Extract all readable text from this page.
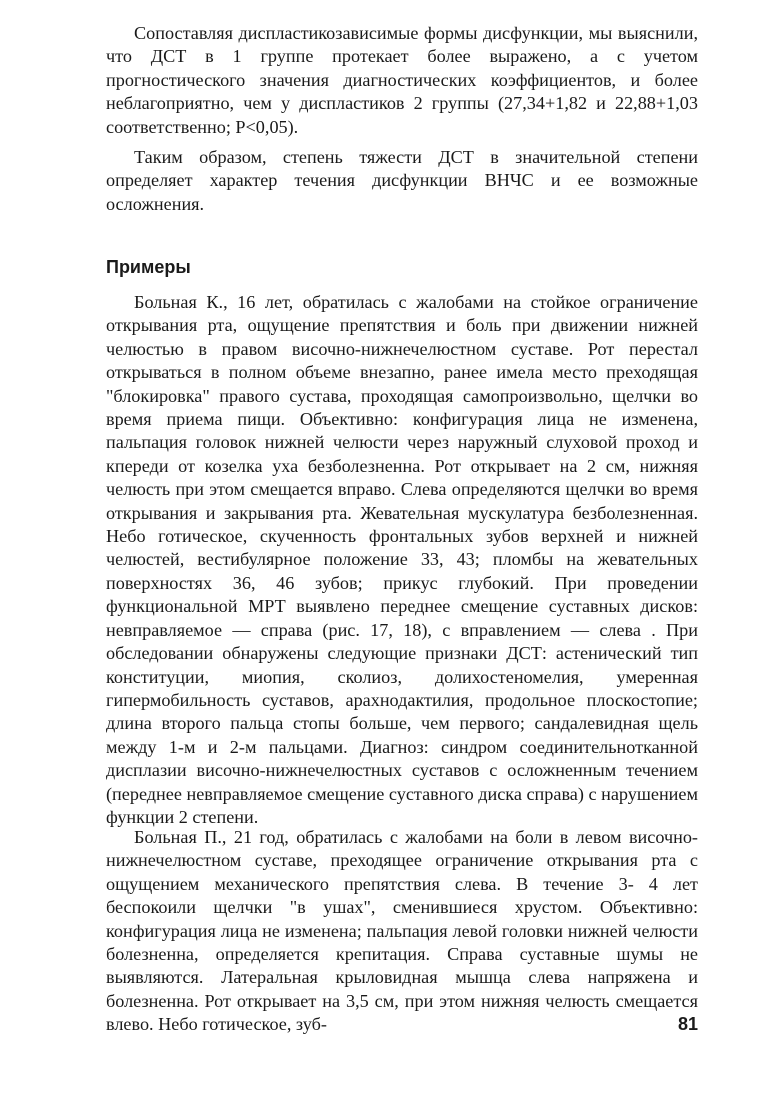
Сопоставляя диспластикозависимые формы дисфункции, мы выяснили, что ДСТ в 1 группе протекает более выражено, а с учетом прогностического значения диагностических коэффициентов, и более неблагоприятно, чем у диспластиков 2 группы (27,34+1,82 и 22,88+1,03 соответственно; P<0,05).

Таким образом, степень тяжести ДСТ в значительной степени определяет характер течения дисфункции ВНЧС и ее возможные осложнения.

Примеры

Больная К., 16 лет, обратилась с жалобами на стойкое ограничение открывания рта, ощущение препятствия и боль при движении нижней челюстью в правом височно-нижнечелюстном суставе. Рот перестал открываться в полном объеме внезапно, ранее имела место преходящая "блокировка" правого сустава, проходящая самопроизвольно, щелчки во время приема пищи. Объективно: конфигурация лица не изменена, пальпация головок нижней челюсти через наружный слуховой проход и кпереди от козелка уха безболезненна. Рот открывает на 2 см, нижняя челюсть при этом смещается вправо. Слева определяются щелчки во время открывания и закрывания рта. Жевательная мускулатура безболезненная. Небо готическое, скученность фронтальных зубов верхней и нижней челюстей, вестибулярное положение 33, 43; пломбы на жевательных поверхностях 36, 46 зубов; прикус глубокий. При проведении функциональной МРТ выявлено переднее смещение суставных дисков: невправляемое — справа (рис. 17, 18), с вправлением — слева . При обследовании обнаружены следующие признаки ДСТ: астенический тип конституции, миопия, сколиоз, долихостеномелия, умеренная гипермобильность суставов, арахнодактилия, продольное плоскостопие; длина второго пальца стопы больше, чем первого; сандалевидная щель между 1-м и 2-м пальцами. Диагноз: синдром соединительнотканной дисплазии височно-нижнечелюстных суставов с осложненным течением (переднее невправляемое смещение суставного диска справа) с нарушением функции 2 степени.

Больная П., 21 год, обратилась с жалобами на боли в левом височно-нижнечелюстном суставе, преходящее ограничение открывания рта с ощущением механического препятствия слева. В течение 3- 4 лет беспокоили щелчки "в ушах", сменившиеся хрустом. Объективно: конфигурация лица не изменена; пальпация левой головки нижней челюсти болезненна, определяется крепитация. Справа суставные шумы не выявляются. Латеральная крыловидная мышца слева напряжена и болезненна. Рот открывает на 3,5 см, при этом нижняя челюсть смещается влево. Небо готическое, зуб-	81
